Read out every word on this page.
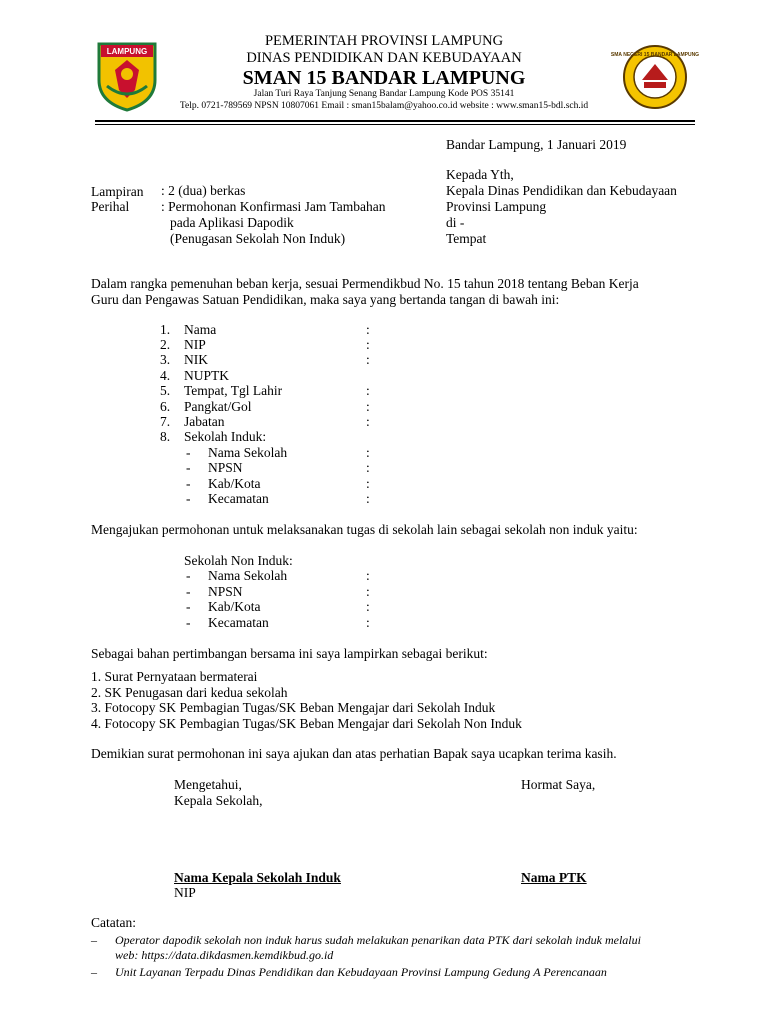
LAMPUNG	SMA NEGERI 15 BANDAR LAMPUNG
PEMERINTAH PROVINSI LAMPUNG
DINAS PENDIDIKAN DAN KEBUDAYAAN
SMAN 15 BANDAR LAMPUNG
Jalan Turi Raya Tanjung Senang Bandar Lampung Kode POS 35141
Telp. 0721-789569 NPSN 10807061 Email : sman15balam@yahoo.co.id website : www.sman15-bdl.sch.id
Bandar Lampung, 1 Januari 2019
Kepada Yth,
Kepala Dinas Pendidikan dan Kebudayaan
Provinsi Lampung
di -
Tempat
Lampiran : 2 (dua) berkas
Perihal : Permohonan Konfirmasi Jam Tambahan
pada Aplikasi Dapodik
(Penugasan Sekolah Non Induk)
Dalam rangka pemenuhan beban kerja, sesuai Permendikbud No. 15 tahun 2018 tentang Beban Kerja
Guru dan Pengawas Satuan Pendidikan, maka saya yang bertanda tangan di bawah ini:
1. Nama	:
2. NIP	:
3. NIK	:
4. NUPTK
5. Tempat, Tgl Lahir	:
6. Pangkat/Gol	:
7. Jabatan	:
8. Sekolah Induk:
- Nama Sekolah	:
- NPSN	:
- Kab/Kota	:
- Kecamatan	:
Mengajukan permohonan untuk melaksanakan tugas di sekolah lain sebagai sekolah non induk yaitu:
Sekolah Non Induk:
- Nama Sekolah	:
- NPSN	:
- Kab/Kota	:
- Kecamatan	:
Sebagai bahan pertimbangan bersama ini saya lampirkan sebagai berikut:
1. Surat Pernyataan bermaterai
2. SK Penugasan dari kedua sekolah
3. Fotocopy SK Pembagian Tugas/SK Beban Mengajar dari Sekolah Induk
4. Fotocopy SK Pembagian Tugas/SK Beban Mengajar dari Sekolah Non Induk
Demikian surat permohonan ini saya ajukan dan atas perhatian Bapak saya ucapkan terima kasih.
Mengetahui,
Kepala Sekolah,
Hormat Saya,
Nama Kepala Sekolah Induk
NIP
Nama PTK
Catatan:
– Operator dapodik sekolah non induk harus sudah melakukan penarikan data PTK dari sekolah induk melalui
web: https://data.dikdasmen.kemdikbud.go.id
– Unit Layanan Terpadu Dinas Pendidikan dan Kebudayaan Provinsi Lampung Gedung A Perencanaan
